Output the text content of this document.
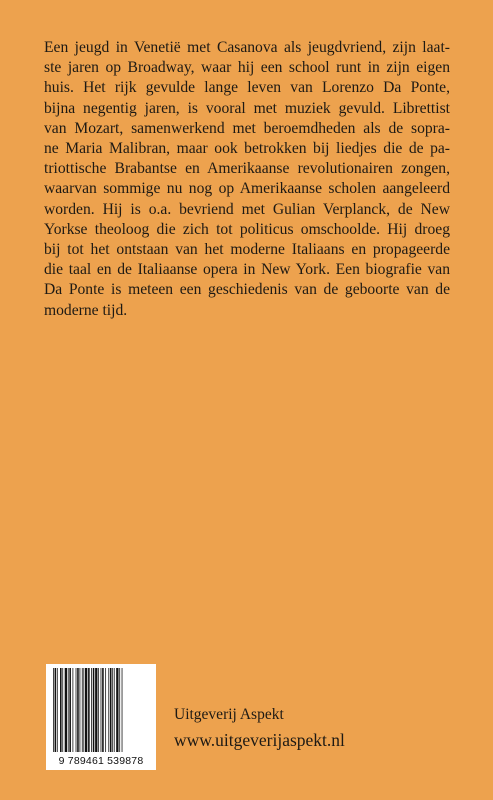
Een jeugd in Venetië met Casanova als jeugdvriend, zijn laat-

ste jaren op Broadway, waar hij een school runt in zijn eigen

huis. Het rijk gevulde lange leven van Lorenzo Da Ponte,

bijna negentig jaren, is vooral met muziek gevuld. Librettist

van Mozart, samenwerkend met beroemdheden als de sopra-

ne Maria Malibran, maar ook betrokken bij liedjes die de pa-

triottische Brabantse en Amerikaanse revolutionairen zongen,

waarvan sommige nu nog op Amerikaanse scholen aangeleerd

worden. Hij is o.a. bevriend met Gulian Verplanck, de New

Yorkse theoloog die zich tot politicus omschoolde. Hij droeg

bij tot het ontstaan van het moderne Italiaans en propageerde

die taal en de Italiaanse opera in New York. Een biografie van

Da Ponte is meteen een geschiedenis van de geboorte van de

moderne tijd.

9 789461 539878
Uitgeverij Aspekt
www.uitgeverijaspekt.nl
